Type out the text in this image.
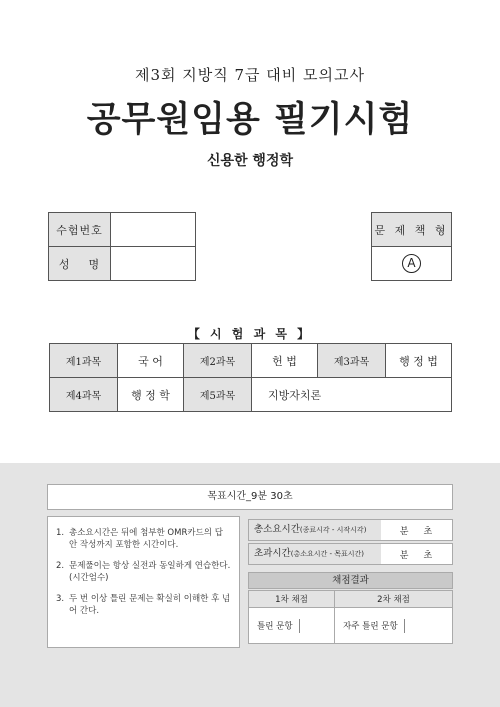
제3회 지방직 7급 대비 모의고사
공무원임용 필기시험
신용한 행정학
수험번호	
성    명	
문 제 책 형
A
【 시 험 과 목 】
제1과목	국 어	제2과목	헌 법	제3과목	행 정 법
제4과목	행 정 학	제5과목	지방자치론		
목표시간_9분 30초
1. 총소요시간은 뒤에 첨부한 OMR카드의 답안 작성까지 포함한 시간이다.
2. 문제풀이는 항상 실전과 동일하게 연습한다. (시간엄수)
3. 두 번 이상 틀린 문제는 확실히 이해한 후 넘어 간다.
총소요시간(종료시각 - 시작시각)	분 초
초과시간(총소요시간 - 목표시간)	분 초
채점결과
1차 채점	2차 채점
틀린 문항	자주 틀린 문항
